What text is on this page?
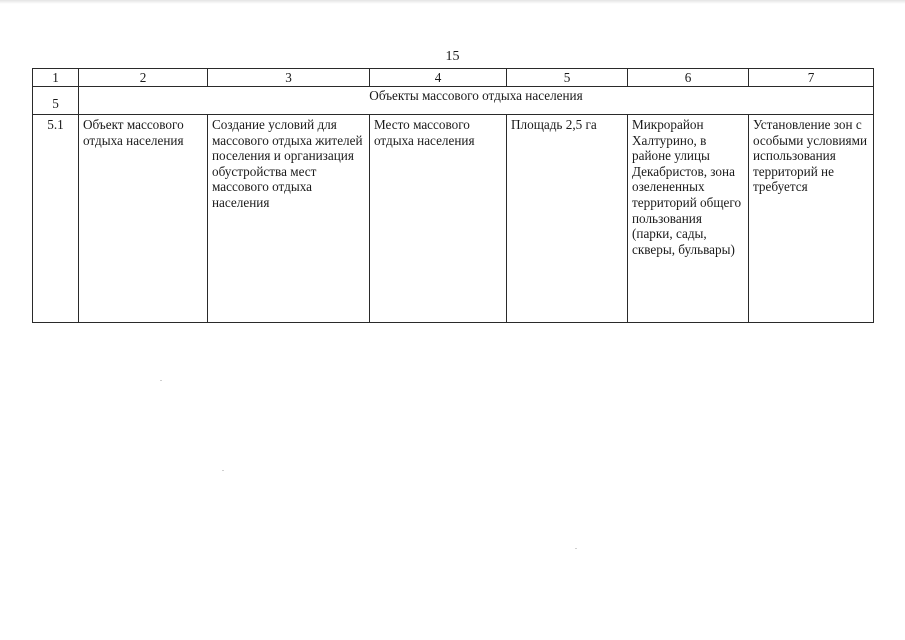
15
1	2	3	4	5	6	7
5	Объекты массового отдыха населения					
5.1	Объект массового отдыха населения	Создание условий для массового отдыха жителей поселения и организация обустройства мест массового отдыха населения	Место массового отдыха населения	Площадь 2,5 га	Микрорайон Халтурино, в районе улицы Декабристов, зона озелененных территорий общего пользования (парки, сады, скверы, бульвары)	Установление зон с особыми условиями использования территорий не требуется
